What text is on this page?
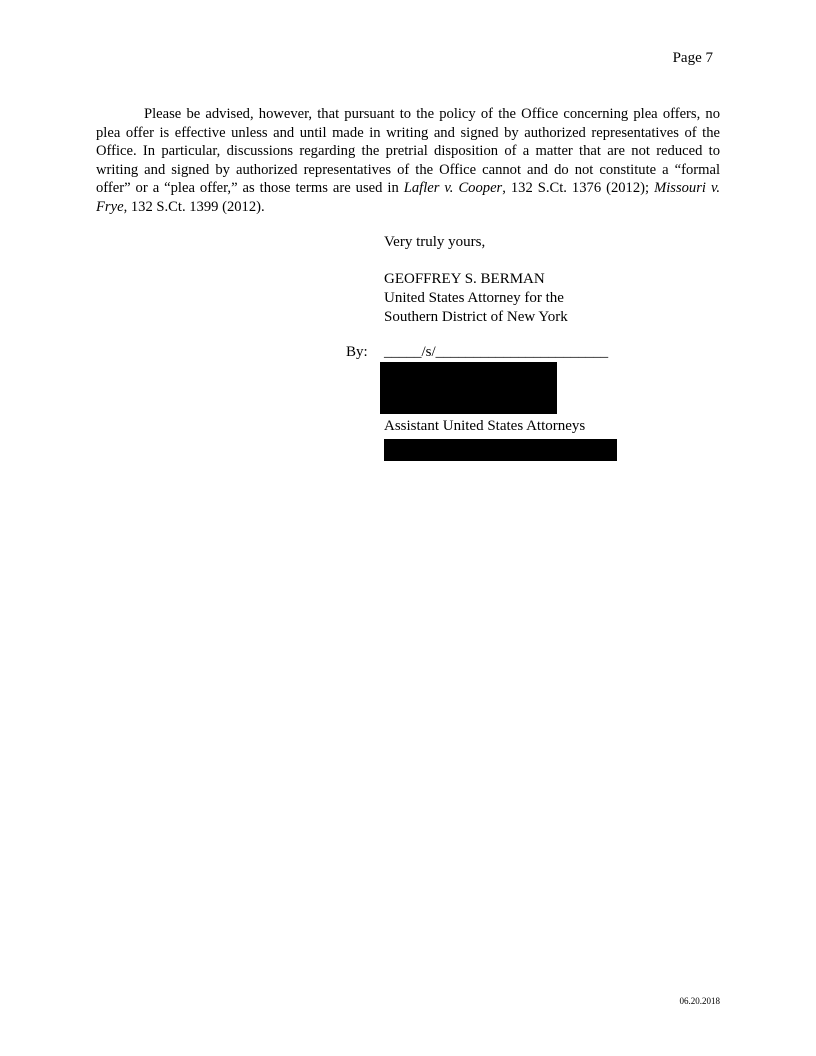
Page 7

Please be advised, however, that pursuant to the policy of the Office concerning plea offers, no plea offer is effective unless and until made in writing and signed by authorized representatives of the Office. In particular, discussions regarding the pretrial disposition of a matter that are not reduced to writing and signed by authorized representatives of the Office cannot and do not constitute a “formal offer” or a “plea offer,” as those terms are used in Lafler v. Cooper, 132 S.Ct. 1376 (2012); Missouri v. Frye, 132 S.Ct. 1399 (2012).

Very truly yours,
GEOFFREY S. BERMAN
United States Attorney for the
Southern District of New York
By: _____/s/_______________________
Assistant United States Attorneys
06.20.2018
